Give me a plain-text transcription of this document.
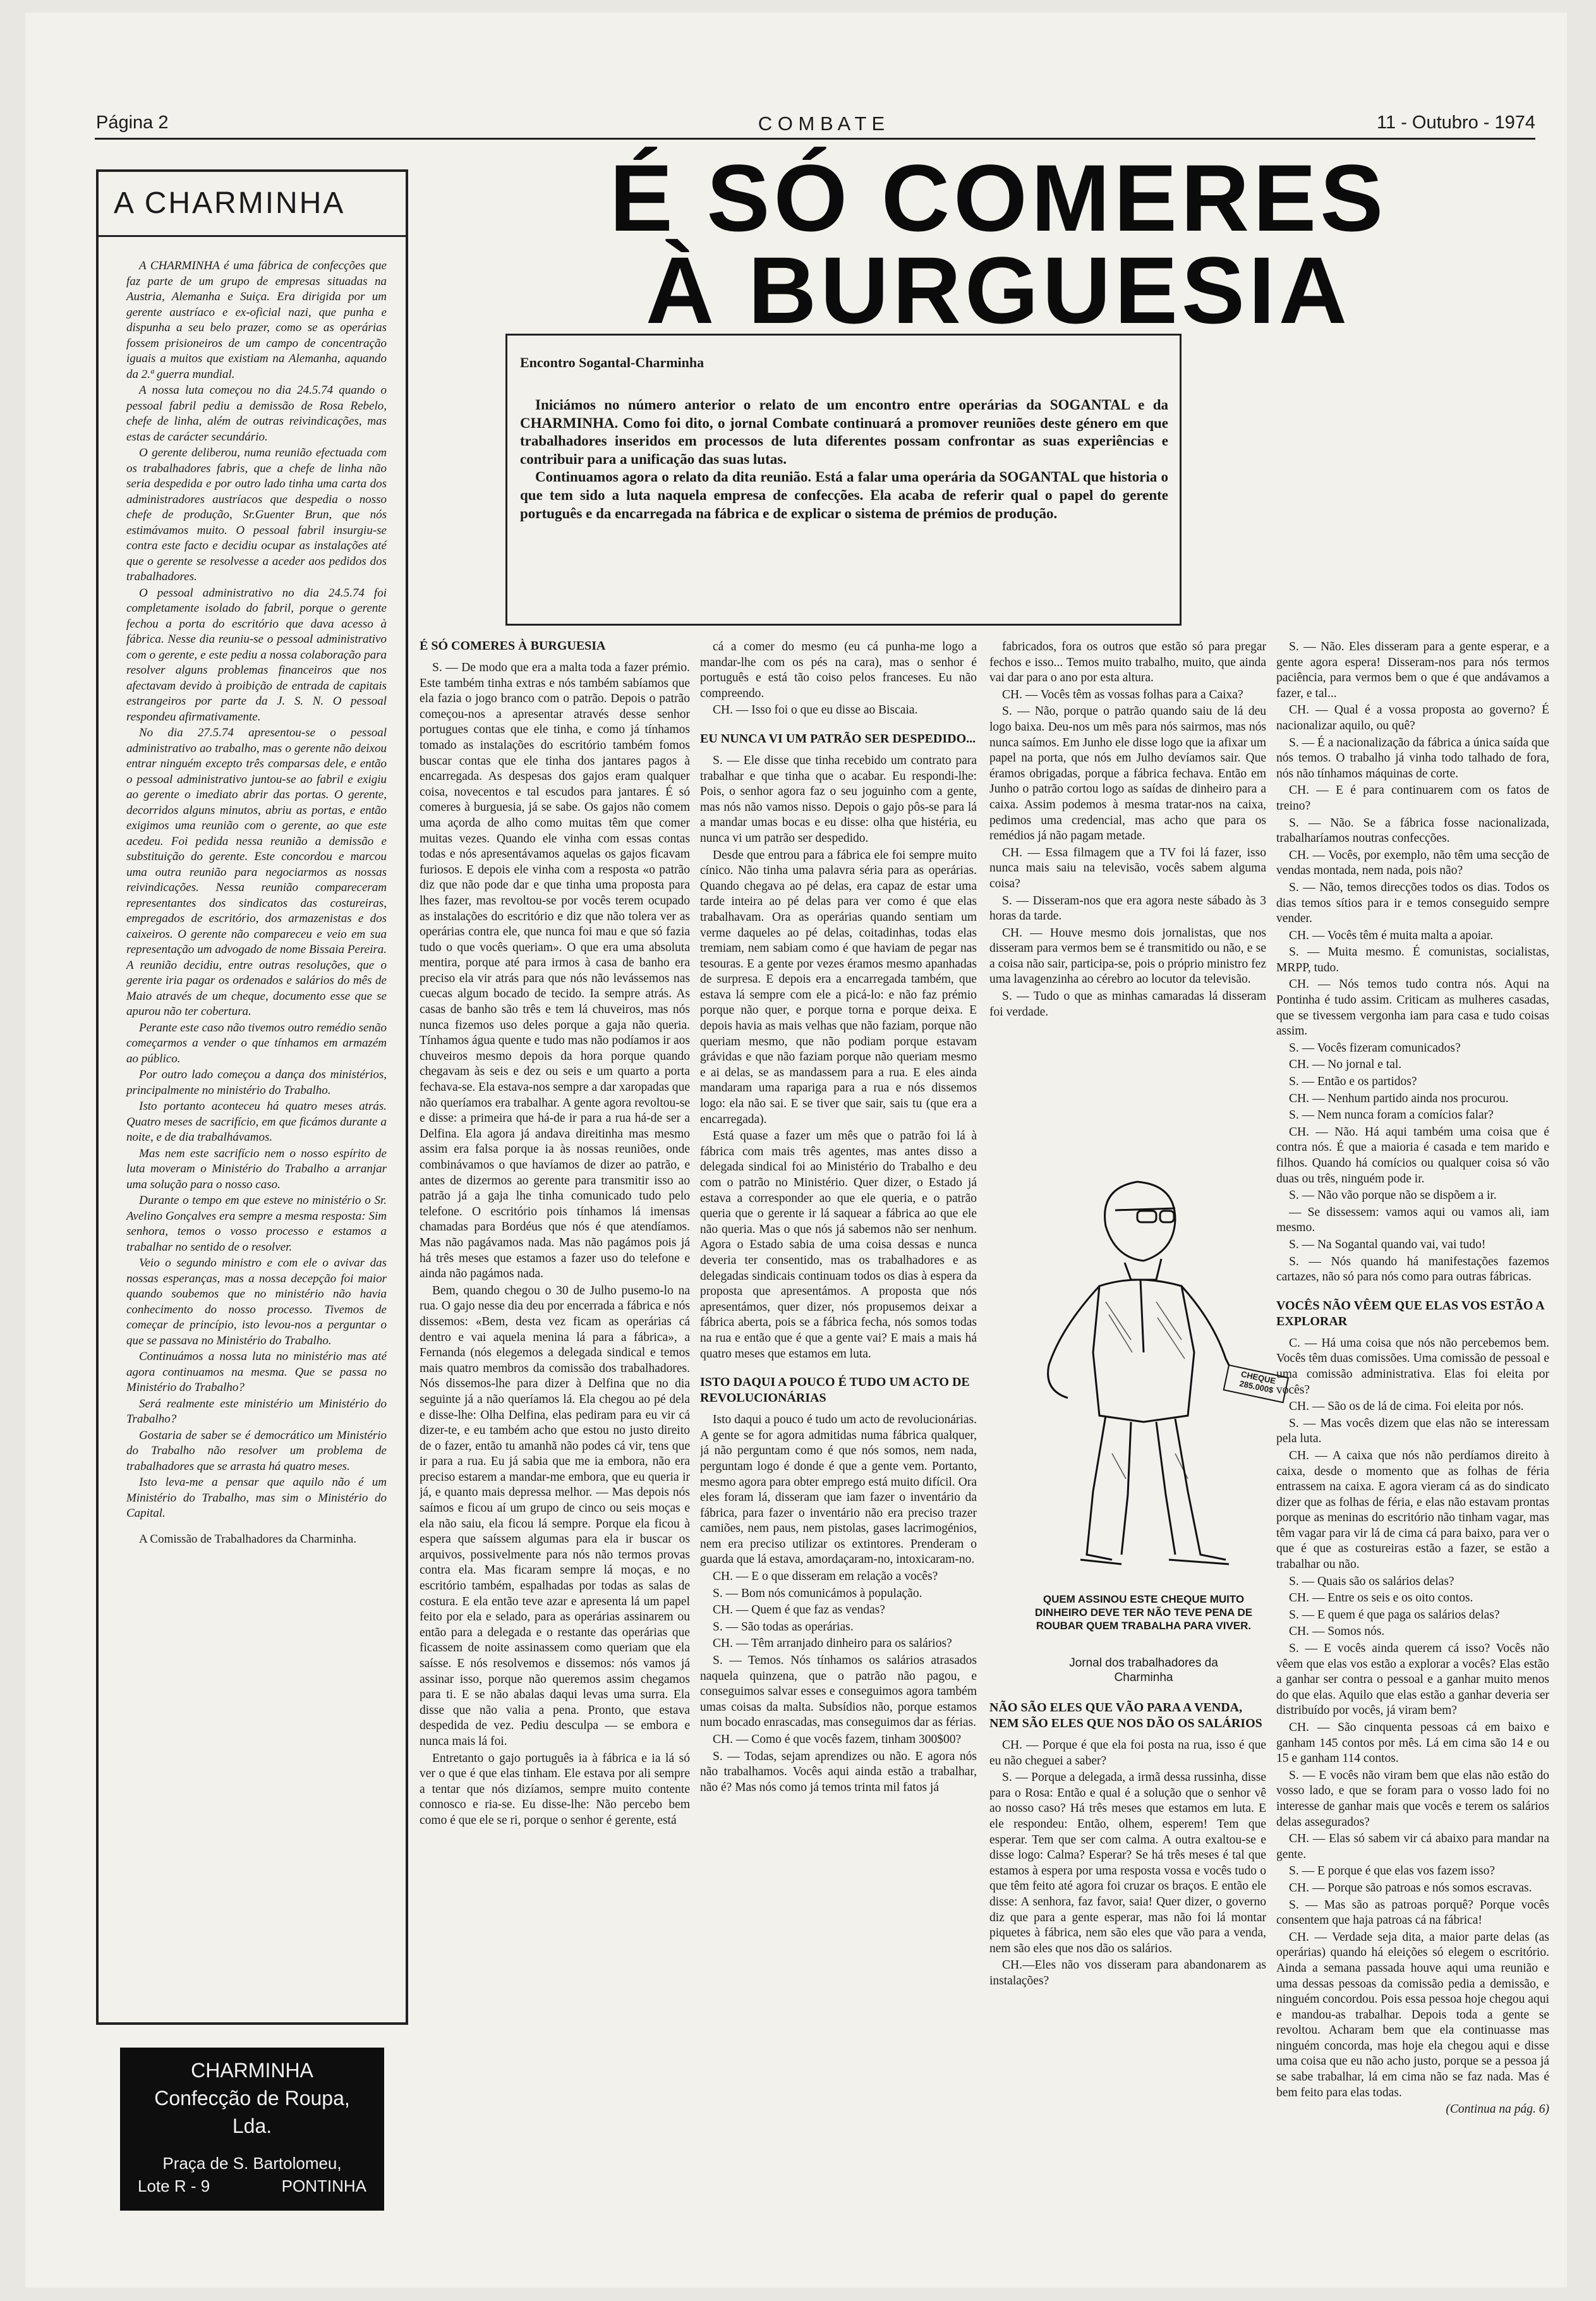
Página 2	C O M B A T E	11 - Outubro - 1974
A CHARMINHA

A CHARMINHA é uma fábrica de confecções que faz parte de um grupo de empresas situadas na Austria, Alemanha e Suiça. Era dirigida por um gerente austríaco e ex-oficial nazi, que punha e dispunha a seu belo prazer, como se as operárias fossem prisioneiros de um campo de concentração iguais a muitos que existiam na Alemanha, aquando da 2.ª guerra mundial.

A nossa luta começou no dia 24.5.74 quando o pessoal fabril pediu a demissão de Rosa Rebelo, chefe de linha, além de outras reivindicações, mas estas de carácter secundário.

O gerente deliberou, numa reunião efectuada com os trabalhadores fabris, que a chefe de linha não seria despedida e por outro lado tinha uma carta dos administradores austríacos que despedia o nosso chefe de produção, Sr.Guenter Brun, que nós estimávamos muito. O pessoal fabril insurgiu-se contra este facto e decidiu ocupar as instalações até que o gerente se resolvesse a aceder aos pedidos dos trabalhadores.

O pessoal administrativo no dia 24.5.74 foi completamente isolado do fabril, porque o gerente fechou a porta do escritório que dava acesso à fábrica. Nesse dia reuniu-se o pessoal administrativo com o gerente, e este pediu a nossa colaboração para resolver alguns problemas financeiros que nos afectavam devido à proibição de entrada de capitais estrangeiros por parte da J. S. N. O pessoal respondeu afirmativamente.

No dia 27.5.74 apresentou-se o pessoal administrativo ao trabalho, mas o gerente não deixou entrar ninguém excepto três comparsas dele, e então o pessoal administrativo juntou-se ao fabril e exigiu ao gerente o imediato abrir das portas. O gerente, decorridos alguns minutos, abriu as portas, e então exigimos uma reunião com o gerente, ao que este acedeu. Foi pedida nessa reunião a demissão e substituição do gerente. Este concordou e marcou uma outra reunião para negociarmos as nossas reivindicações. Nessa reunião compareceram representantes dos sindicatos das costureiras, empregados de escritório, dos armazenistas e dos caixeiros. O gerente não compareceu e veio em sua representação um advogado de nome Bissaia Pereira. A reunião decidiu, entre outras resoluções, que o gerente iria pagar os ordenados e salários do mês de Maio através de um cheque, documento esse que se apurou não ter cobertura.

Perante este caso não tivemos outro remédio senão começarmos a vender o que tínhamos em armazém ao público.

Por outro lado começou a dança dos ministérios, principalmente no ministério do Trabalho.

Isto portanto aconteceu há quatro meses atrás. Quatro meses de sacrifício, em que ficámos durante a noite, e de dia trabalhávamos.

Mas nem este sacrifício nem o nosso espírito de luta moveram o Ministério do Trabalho a arranjar uma solução para o nosso caso.

Durante o tempo em que esteve no ministério o Sr. Avelino Gonçalves era sempre a mesma resposta: Sim senhora, temos o vosso processo e estamos a trabalhar no sentido de o resolver.

Veio o segundo ministro e com ele o avivar das nossas esperanças, mas a nossa decepção foi maior quando soubemos que no ministério não havia conhecimento do nosso processo. Tivemos de começar de princípio, isto levou-nos a perguntar o que se passava no Ministério do Trabalho.

Continuámos a nossa luta no ministério mas até agora continuamos na mesma. Que se passa no Ministério do Trabalho?

Será realmente este ministério um Ministério do Trabalho?

Gostaria de saber se é democrático um Ministério do Trabalho não resolver um problema de trabalhadores que se arrasta há quatro meses.

Isto leva-me a pensar que aquilo não é um Ministério do Trabalho, mas sim o Ministério do Capital.

A Comissão de Trabalhadores da Charminha.

CHARMINHA
Confecção de Roupa,
Lda.
Praça de S. Bartolomeu,
Lote R - 9	PONTINHA
É SÓ COMERES
À BURGUESIA
Encontro Sogantal-Charminha

Iniciámos no número anterior o relato de um encontro entre operárias da SOGANTAL e da CHARMINHA. Como foi dito, o jornal Combate continuará a promover reuniões deste género em que trabalhadores inseridos em processos de luta diferentes possam confrontar as suas experiências e contribuir para a unificação das suas lutas.

Continuamos agora o relato da dita reunião. Está a falar uma operária da SOGANTAL que historia o que tem sido a luta naquela empresa de confecções. Ela acaba de referir qual o papel do gerente português e da encarregada na fábrica e de explicar o sistema de prémios de produção.

É SÓ COMERES À BURGUESIA

S. — De modo que era a malta toda a fazer prémio. Este também tinha extras e nós também sabíamos que ela fazia o jogo branco com o patrão. Depois o patrão começou-nos a apresentar através desse senhor portugues contas que ele tinha, e como já tínhamos tomado as instalações do escritório também fomos buscar contas que ele tinha dos jantares pagos à encarregada. As despesas dos gajos eram qualquer coisa, novecentos e tal escudos para jantares. É só comeres à burguesia, já se sabe. Os gajos não comem uma açorda de alho como muitas têm que comer muitas vezes. Quando ele vinha com essas contas todas e nós apresentávamos aquelas os gajos ficavam furiosos. E depois ele vinha com a resposta «o patrão diz que não pode dar e que tinha uma proposta para lhes fazer, mas revoltou-se por vocês terem ocupado as instalações do escritório e diz que não tolera ver as operárias contra ele, que nunca foi mau e que só fazia tudo o que vocês queriam». O que era uma absoluta mentira, porque até para irmos à casa de banho era preciso ela vir atrás para que nós não levássemos nas cuecas algum bocado de tecido. Ia sempre atrás. As casas de banho são três e tem lá chuveiros, mas nós nunca fizemos uso deles porque a gaja não queria. Tínhamos água quente e tudo mas não podíamos ir aos chuveiros mesmo depois da hora porque quando chegavam às seis e dez ou seis e um quarto a porta fechava-se. Ela estava-nos sempre a dar xaropadas que não queríamos era trabalhar. A gente agora revoltou-se e disse: a primeira que há-de ir para a rua há-de ser a Delfina. Ela agora já andava direitinha mas mesmo assim era falsa porque ia às nossas reuniões, onde combinávamos o que havíamos de dizer ao patrão, e antes de dizermos ao gerente para transmitir isso ao patrão já a gaja lhe tinha comunicado tudo pelo telefone. O escritório pois tínhamos lá imensas chamadas para Bordéus que nós é que atendíamos. Mas não pagávamos nada. Mas não pagámos pois já há três meses que estamos a fazer uso do telefone e ainda não pagámos nada.

Bem, quando chegou o 30 de Julho pusemo-lo na rua. O gajo nesse dia deu por encerrada a fábrica e nós dissemos: «Bem, desta vez ficam as operárias cá dentro e vai aquela menina lá para a fábrica», a Fernanda (nós elegemos a delegada sindical e temos mais quatro membros da comissão dos trabalhadores. Nós dissemos-lhe para dizer à Delfina que no dia seguinte já a não queríamos lá. Ela chegou ao pé dela e disse-lhe: Olha Delfina, elas pediram para eu vir cá dizer-te, e eu também acho que estou no justo direito de o fazer, então tu amanhã não podes cá vir, tens que ir para a rua. Eu já sabia que me ia embora, não era preciso estarem a mandar-me embora, que eu queria ir já, e quanto mais depressa melhor. — Mas depois nós saímos e ficou aí um grupo de cinco ou seis moças e ela não saiu, ela ficou lá sempre. Porque ela ficou à espera que saíssem algumas para ela ir buscar os arquivos, possivelmente para nós não termos provas contra ela. Mas ficaram sempre lá moças, e no escritório também, espalhadas por todas as salas de costura. E ela então teve azar e apresenta lá um papel feito por ela e selado, para as operárias assinarem ou então para a delegada e o restante das operárias que ficassem de noite assinassem como queriam que ela saísse. E nós resolvemos e dissemos: nós vamos já assinar isso, porque não queremos assim chegamos para ti. E se não abalas daqui levas uma surra. Ela disse que não valia a pena. Pronto, que estava despedida de vez. Pediu desculpa — se embora e nunca mais lá foi.

Entretanto o gajo português ia à fábrica e ia lá só ver o que é que elas tinham. Ele estava por ali sempre a tentar que nós dizíamos, sempre muito contente connosco e ria-se. Eu disse-lhe: Não percebo bem como é que ele se ri, porque o senhor é gerente, está

cá a comer do mesmo (eu cá punha-me logo a mandar-lhe com os pés na cara), mas o senhor é português e está tão coiso pelos franceses. Eu não compreendo.

CH. — Isso foi o que eu disse ao Biscaia.

EU NUNCA VI UM PATRÃO SER DESPEDIDO...

S. — Ele disse que tinha recebido um contrato para trabalhar e que tinha que o acabar. Eu respondi-lhe: Pois, o senhor agora faz o seu joguinho com a gente, mas nós não vamos nisso. Depois o gajo pôs-se para lá a mandar umas bocas e eu disse: olha que histéria, eu nunca vi um patrão ser despedido.

Desde que entrou para a fábrica ele foi sempre muito cínico. Não tinha uma palavra séria para as operárias. Quando chegava ao pé delas, era capaz de estar uma tarde inteira ao pé delas para ver como é que elas trabalhavam. Ora as operárias quando sentiam um verme daqueles ao pé delas, coitadinhas, todas elas tremiam, nem sabiam como é que haviam de pegar nas tesouras. E a gente por vezes éramos mesmo apanhadas de surpresa. E depois era a encarregada também, que estava lá sempre com ele a picá-lo: e não faz prémio porque não quer, e porque torna e porque deixa. E depois havia as mais velhas que não faziam, porque não queriam mesmo, que não podiam porque estavam grávidas e que não faziam porque não queriam mesmo e ai delas, se as mandassem para a rua. E eles ainda mandaram uma rapariga para a rua e nós dissemos logo: ela não sai. E se tiver que sair, sais tu (que era a encarregada).

Está quase a fazer um mês que o patrão foi lá à fábrica com mais três agentes, mas antes disso a delegada sindical foi ao Ministério do Trabalho e deu com o patrão no Ministério. Quer dizer, o Estado já estava a corresponder ao que ele queria, e o patrão queria que o gerente ir lá saquear a fábrica ao que ele não queria. Mas o que nós já sabemos não ser nenhum. Agora o Estado sabia de uma coisa dessas e nunca deveria ter consentido, mas os trabalhadores e as delegadas sindicais continuam todos os dias à espera da proposta que apresentámos. A proposta que nós apresentámos, quer dizer, nós propusemos deixar a fábrica aberta, pois se a fábrica fecha, nós somos todas na rua e então que é que a gente vai? E mais a mais há quatro meses que estamos em luta.

ISTO DAQUI A POUCO É TUDO UM ACTO DE REVOLUCIONÁRIAS

Isto daqui a pouco é tudo um acto de revolucionárias. A gente se for agora admitidas numa fábrica qualquer, já não perguntam como é que nós somos, nem nada, perguntam logo é donde é que a gente vem. Portanto, mesmo agora para obter emprego está muito difícil. Ora eles foram lá, disseram que iam fazer o inventário da fábrica, para fazer o inventário não era preciso trazer camiões, nem paus, nem pistolas, gases lacrimogénios, nem era preciso utilizar os extintores. Prenderam o guarda que lá estava, amordaçaram-no, intoxicaram-no.

CH. — E o que disseram em relação a vocês?

S. — Bom nós comunicámos à população.

CH. — Quem é que faz as vendas?

S. — São todas as operárias.

CH. — Têm arranjado dinheiro para os salários?

S. — Temos. Nós tínhamos os salários atrasados naquela quinzena, que o patrão não pagou, e conseguimos salvar esses e conseguimos agora também umas coisas da malta. Subsídios não, porque estamos num bocado enrascadas, mas conseguimos dar as férias.

CH. — Como é que vocês fazem, tinham 300$00?

S. — Todas, sejam aprendizes ou não. E agora nós não trabalhamos. Vocês aqui ainda estão a trabalhar, não é? Mas nós como já temos trinta mil fatos já

fabricados, fora os outros que estão só para pregar fechos e isso... Temos muito trabalho, muito, que ainda vai dar para o ano por esta altura.

CH. — Vocês têm as vossas folhas para a Caixa?

S. — Não, porque o patrão quando saiu de lá deu logo baixa. Deu-nos um mês para nós sairmos, mas nós nunca saímos. Em Junho ele disse logo que ia afixar um papel na porta, que nós em Julho devíamos sair. Que éramos obrigadas, porque a fábrica fechava. Então em Junho o patrão cortou logo as saídas de dinheiro para a caixa. Assim podemos à mesma tratar-nos na caixa, pedimos uma credencial, mas acho que para os remédios já não pagam metade.

CH. — Essa filmagem que a TV foi lá fazer, isso nunca mais saiu na televisão, vocês sabem alguma coisa?

S. — Disseram-nos que era agora neste sábado às 3 horas da tarde.

CH. — Houve mesmo dois jornalistas, que nos disseram para vermos bem se é transmitido ou não, e se a coisa não sair, participa-se, pois o próprio ministro fez uma lavagenzinha ao cérebro ao locutor da televisão.

S. — Tudo o que as minhas camaradas lá disseram foi verdade.

CHEQUE 285.000$
QUEM ASSINOU ESTE CHEQUE MUITO DINHEIRO DEVE TER NÃO TEVE PENA DE ROUBAR QUEM TRABALHA PARA VIVER.
Jornal dos trabalhadores da Charminha
NÃO SÃO ELES QUE VÃO PARA A VENDA, NEM SÃO ELES QUE NOS DÃO OS SALÁRIOS

CH. — Porque é que ela foi posta na rua, isso é que eu não cheguei a saber?

S. — Porque a delegada, a irmã dessa russinha, disse para o Rosa: Então e qual é a solução que o senhor vê ao nosso caso? Há três meses que estamos em luta. E ele respondeu: Então, olhem, esperem! Tem que esperar. Tem que ser com calma. A outra exaltou-se e disse logo: Calma? Esperar? Se há três meses é tal que estamos à espera por uma resposta vossa e vocês tudo o que têm feito até agora foi cruzar os braços. E então ele disse: A senhora, faz favor, saia! Quer dizer, o governo diz que para a gente esperar, mas não foi lá montar piquetes à fábrica, nem são eles que vão para a venda, nem são eles que nos dão os salários.

CH.—Eles não vos disseram para abandonarem as instalações?

S. — Não. Eles disseram para a gente esperar, e a gente agora espera! Disseram-nos para nós termos paciência, para vermos bem o que é que andávamos a fazer, e tal...

CH. — Qual é a vossa proposta ao governo? É nacionalizar aquilo, ou quê?

S. — É a nacionalização da fábrica a única saída que nós temos. O trabalho já vinha todo talhado de fora, nós não tínhamos máquinas de corte.

CH. — E é para continuarem com os fatos de treino?

S. — Não. Se a fábrica fosse nacionalizada, trabalharíamos noutras confecções.

CH. — Vocês, por exemplo, não têm uma secção de vendas montada, nem nada, pois não?

S. — Não, temos direcções todos os dias. Todos os dias temos sítios para ir e temos conseguido sempre vender.

CH. — Vocês têm é muita malta a apoiar.

S. — Muita mesmo. É comunistas, socialistas, MRPP, tudo.

CH. — Nós temos tudo contra nós. Aqui na Pontinha é tudo assim. Criticam as mulheres casadas, que se tivessem vergonha iam para casa e tudo coisas assim.

S. — Vocês fizeram comunicados?

CH. — No jornal e tal.

S. — Então e os partidos?

CH. — Nenhum partido ainda nos procurou.

S. — Nem nunca foram a comícios falar?

CH. — Não. Há aqui também uma coisa que é contra nós. É que a maioria é casada e tem marido e filhos. Quando há comícios ou qualquer coisa só vão duas ou três, ninguém pode ir.

S. — Não vão porque não se dispõem a ir.

— Se dissessem: vamos aqui ou vamos ali, iam mesmo.

S. — Na Sogantal quando vai, vai tudo!

S. — Nós quando há manifestações fazemos cartazes, não só para nós como para outras fábricas.

VOCÊS NÃO VÊEM QUE ELAS VOS ESTÃO A EXPLORAR

C. — Há uma coisa que nós não percebemos bem. Vocês têm duas comissões. Uma comissão de pessoal e uma comissão administrativa. Elas foi eleita por vocês?

CH. — São os de lá de cima. Foi eleita por nós.

S. — Mas vocês dizem que elas não se interessam pela luta.

CH. — A caixa que nós não perdíamos direito à caixa, desde o momento que as folhas de féria entrassem na caixa. E agora vieram cá as do sindicato dizer que as folhas de féria, e elas não estavam prontas porque as meninas do escritório não tinham vagar, mas têm vagar para vir lá de cima cá para baixo, para ver o que é que as costureiras estão a fazer, se estão a trabalhar ou não.

S. — Quais são os salários delas?

CH. — Entre os seis e os oito contos.

S. — E quem é que paga os salários delas?

CH. — Somos nós.

S. — E vocês ainda querem cá isso? Vocês não vêem que elas vos estão a explorar a vocês? Elas estão a ganhar ser contra o pessoal e a ganhar muito menos do que elas. Aquilo que elas estão a ganhar deveria ser distribuído por vocês, já viram bem?

CH. — São cinquenta pessoas cá em baixo e ganham 145 contos por mês. Lá em cima são 14 e ou 15 e ganham 114 contos.

S. — E vocês não viram bem que elas não estão do vosso lado, e que se foram para o vosso lado foi no interesse de ganhar mais que vocês e terem os salários delas assegurados?

CH. — Elas só sabem vir cá abaixo para mandar na gente.

S. — E porque é que elas vos fazem isso?

CH. — Porque são patroas e nós somos escravas.

S. — Mas são as patroas porquê? Porque vocês consentem que haja patroas cá na fábrica!

CH. — Verdade seja dita, a maior parte delas (as operárias) quando há eleições só elegem o escritório. Ainda a semana passada houve aqui uma reunião e uma dessas pessoas da comissão pedia a demissão, e ninguém concordou. Pois essa pessoa hoje chegou aqui e mandou-as trabalhar. Depois toda a gente se revoltou. Acharam bem que ela continuasse mas ninguém concorda, mas hoje ela chegou aqui e disse uma coisa que eu não acho justo, porque se a pessoa já se sabe trabalhar, lá em cima não se faz nada. Mas é bem feito para elas todas.

(Continua na pág. 6)
